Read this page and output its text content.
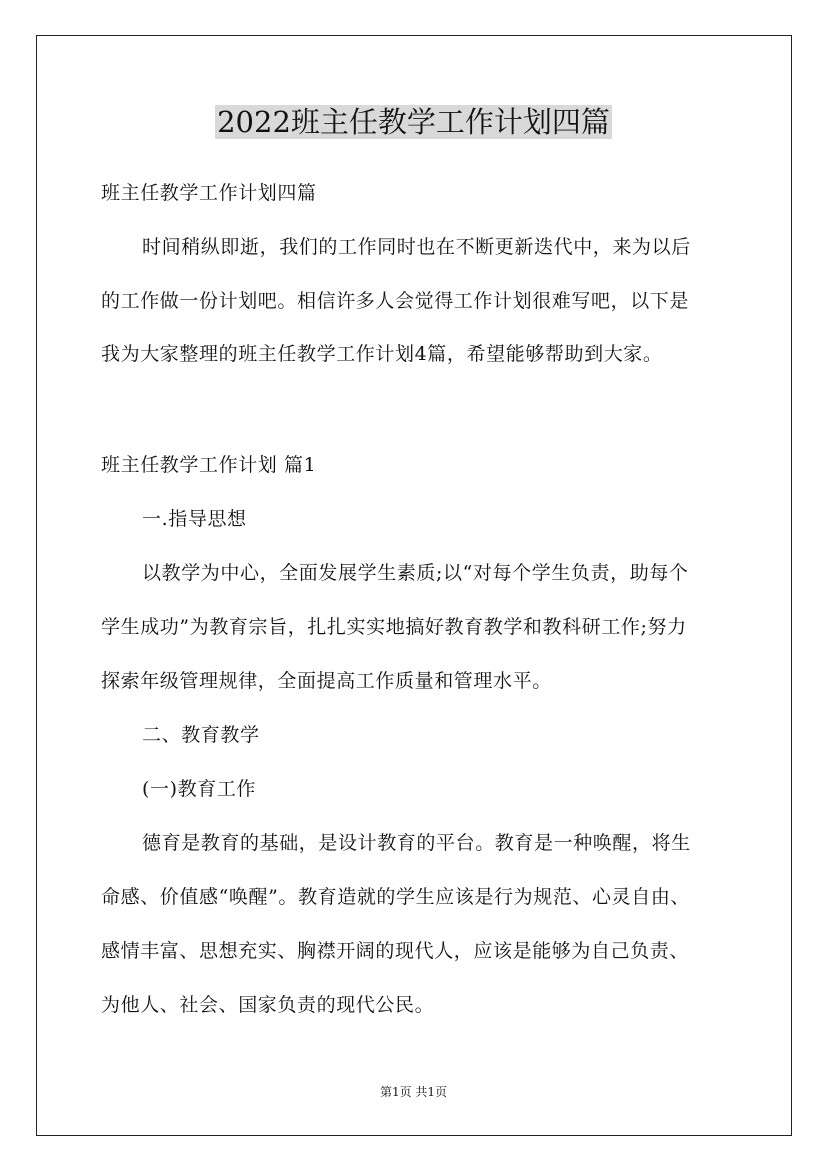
2022班主任教学工作计划四篇
班主任教学工作计划四篇
时间稍纵即逝，我们的工作同时也在不断更新迭代中，来为以后
的工作做一份计划吧。相信许多人会觉得工作计划很难写吧，以下是
我为大家整理的班主任教学工作计划4篇，希望能够帮助到大家。
班主任教学工作计划 篇1
一.指导思想
以教学为中心，全面发展学生素质;以“对每个学生负责，助每个
学生成功”为教育宗旨，扎扎实实地搞好教育教学和教科研工作;努力
探索年级管理规律，全面提高工作质量和管理水平。
二、教育教学
(一)教育工作
德育是教育的基础，是设计教育的平台。教育是一种唤醒，将生
命感、价值感“唤醒”。教育造就的学生应该是行为规范、心灵自由、
感情丰富、思想充实、胸襟开阔的现代人，应该是能够为自己负责、
为他人、社会、国家负责的现代公民。
第1页 共1页
